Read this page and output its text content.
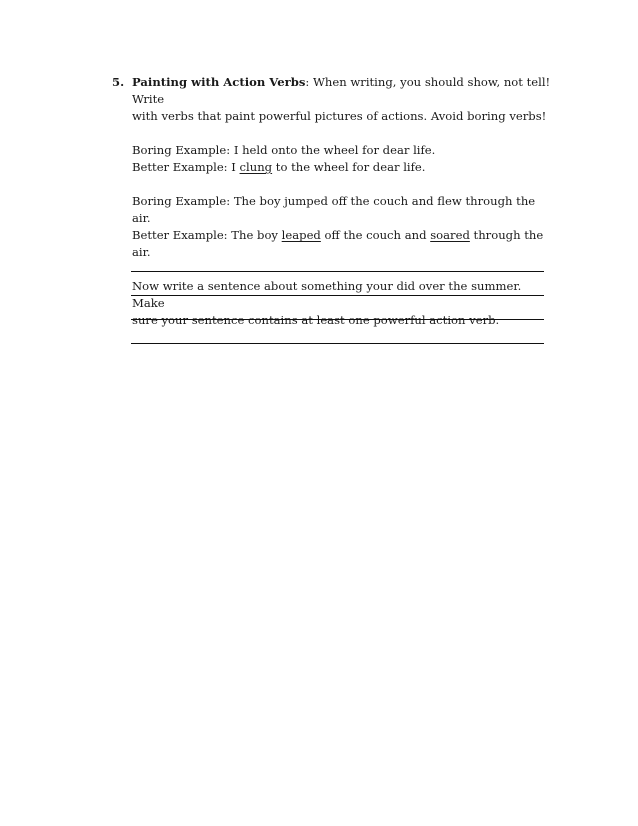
5. Painting with Action Verbs: When writing, you should show, not tell! Write
with verbs that paint powerful pictures of actions. Avoid boring verbs!

Boring Example: I held onto the wheel for dear life.
Better Example: I clung to the wheel for dear life.

Boring Example: The boy jumped off the couch and flew through the air.
Better Example: The boy leaped off the couch and soared through the air.

Now write a sentence about something your did over the summer. Make
sure your sentence contains at least one powerful action verb.
